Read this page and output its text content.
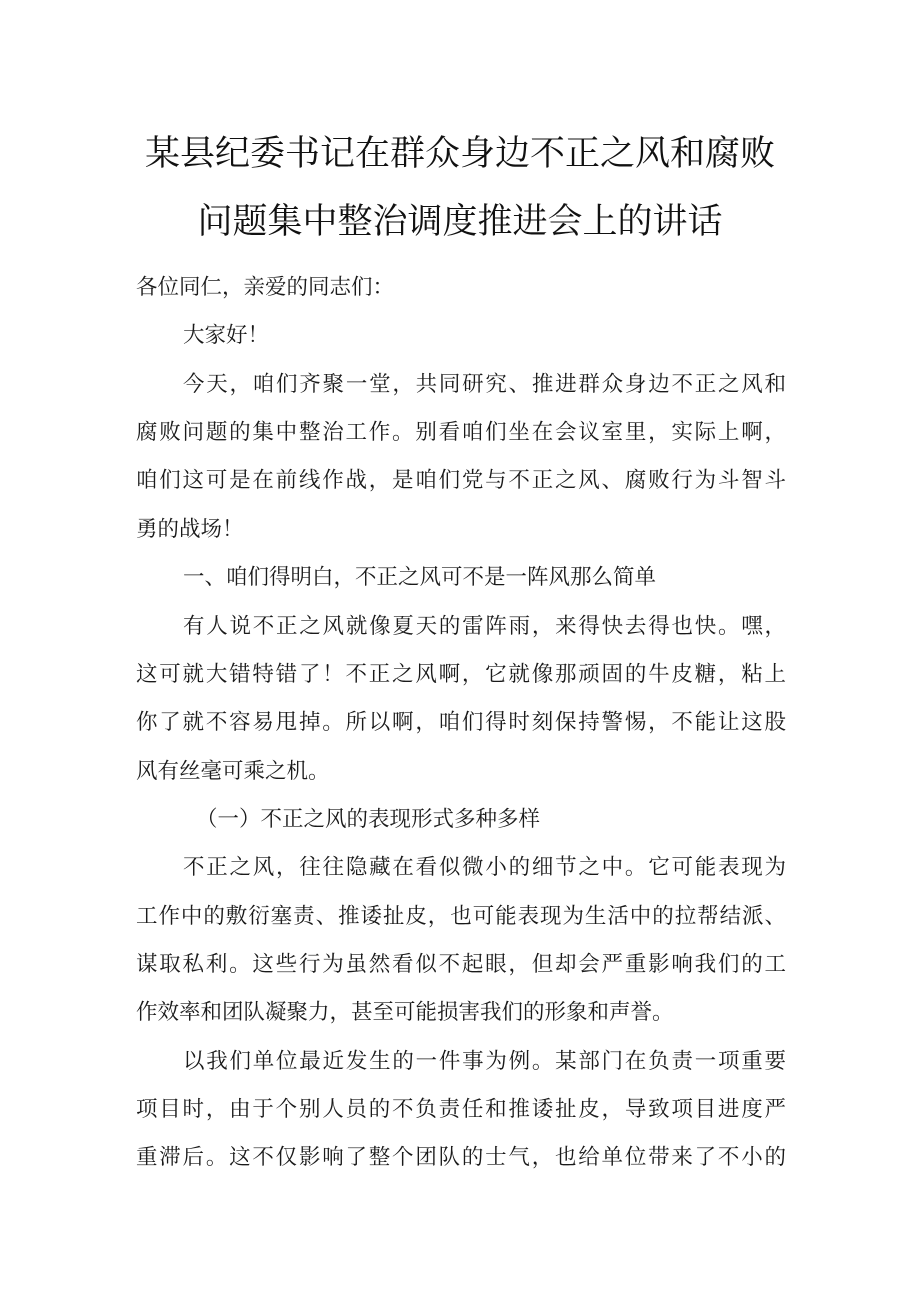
某县纪委书记在群众身边不正之风和腐败
问题集中整治调度推进会上的讲话
各位同仁，亲爱的同志们：
大家好！
今天，咱们齐聚一堂，共同研究、推进群众身边不正之风和
腐败问题的集中整治工作。别看咱们坐在会议室里，实际上啊，
咱们这可是在前线作战，是咱们党与不正之风、腐败行为斗智斗
勇的战场！
一、咱们得明白，不正之风可不是一阵风那么简单
有人说不正之风就像夏天的雷阵雨，来得快去得也快。嘿，
这可就大错特错了！不正之风啊，它就像那顽固的牛皮糖，粘上
你了就不容易甩掉。所以啊，咱们得时刻保持警惕，不能让这股
风有丝毫可乘之机。
（一）不正之风的表现形式多种多样
不正之风，往往隐藏在看似微小的细节之中。它可能表现为
工作中的敷衍塞责、推诿扯皮，也可能表现为生活中的拉帮结派、
谋取私利。这些行为虽然看似不起眼，但却会严重影响我们的工
作效率和团队凝聚力，甚至可能损害我们的形象和声誉。
以我们单位最近发生的一件事为例。某部门在负责一项重要
项目时，由于个别人员的不负责任和推诿扯皮，导致项目进度严
重滞后。这不仅影响了整个团队的士气，也给单位带来了不小的
